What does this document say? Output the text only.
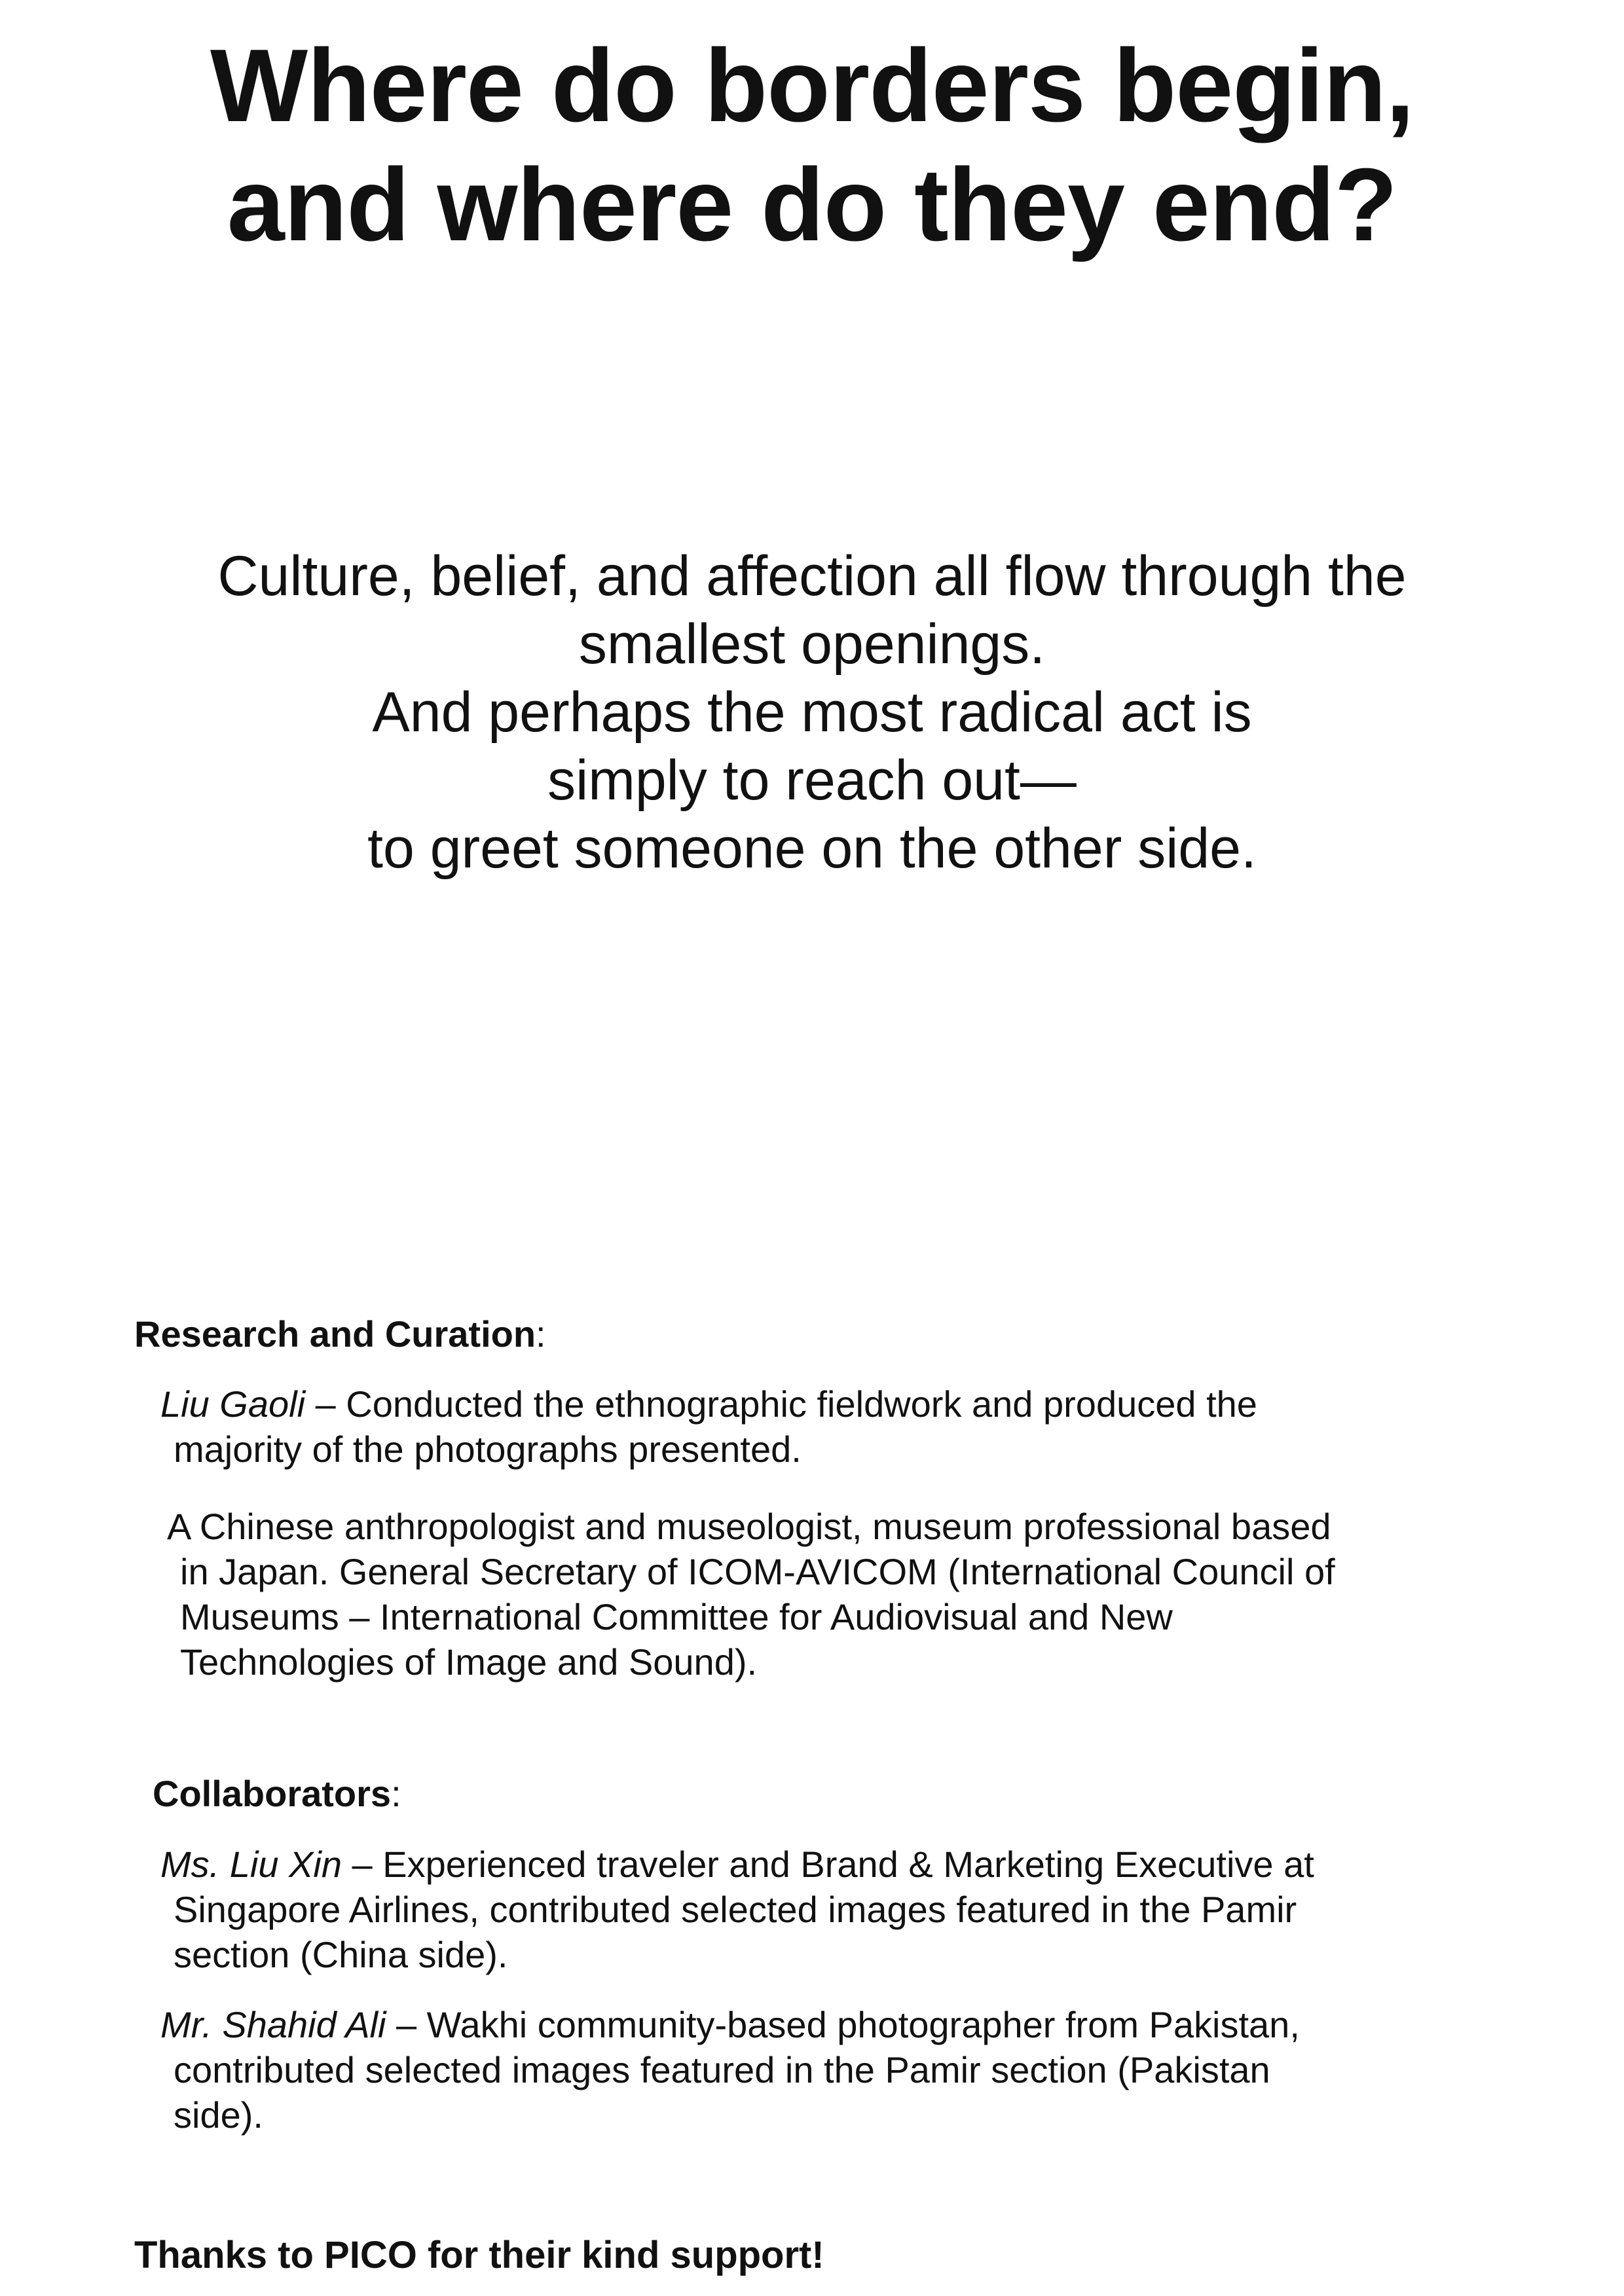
Where do borders begin,
and where do they end?

Culture, belief, and affection all flow through the
smallest openings.
And perhaps the most radical act is
simply to reach out—
to greet someone on the other side.

Research and Curation:
Liu Gaoli – Conducted the ethnographic fieldwork and produced the
majority of the photographs presented.
A Chinese anthropologist and museologist, museum professional based
in Japan. General Secretary of ICOM-AVICOM (International Council of
Museums – International Committee for Audiovisual and New
Technologies of Image and Sound).
Collaborators:
Ms. Liu Xin – Experienced traveler and Brand & Marketing Executive at
Singapore Airlines, contributed selected images featured in the Pamir
section (China side).
Mr. Shahid Ali – Wakhi community-based photographer from Pakistan,
contributed selected images featured in the Pamir section (Pakistan
side).
Thanks to PICO for their kind support!
